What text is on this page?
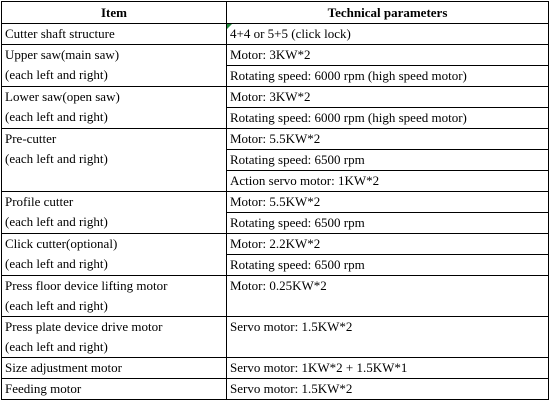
Item	Technical parameters

Cutter shaft structure	4+4 or 5+5 (click lock)

Upper saw(main saw)
(each left and right)	Motor: 3KW*2
	Rotating speed: 6000 rpm (high speed motor)

Lower saw(open saw)
(each left and right)	Motor: 3KW*2
	Rotating speed: 6000 rpm (high speed motor)

Pre-cutter
(each left and right)	Motor: 5.5KW*2
	Rotating speed: 6500 rpm
	Action servo motor: 1KW*2

Profile cutter
(each left and right)	Motor: 5.5KW*2
	Rotating speed: 6500 rpm

Click cutter(optional)
(each left and right)	Motor: 2.2KW*2
	Rotating speed: 6500 rpm

Press floor device lifting motor
(each left and right)	Motor: 0.25KW*2

Press plate device drive motor
(each left and right)	Servo motor: 1.5KW*2

Size adjustment motor	Servo motor: 1KW*2 + 1.5KW*1

Feeding motor	Servo motor: 1.5KW*2
